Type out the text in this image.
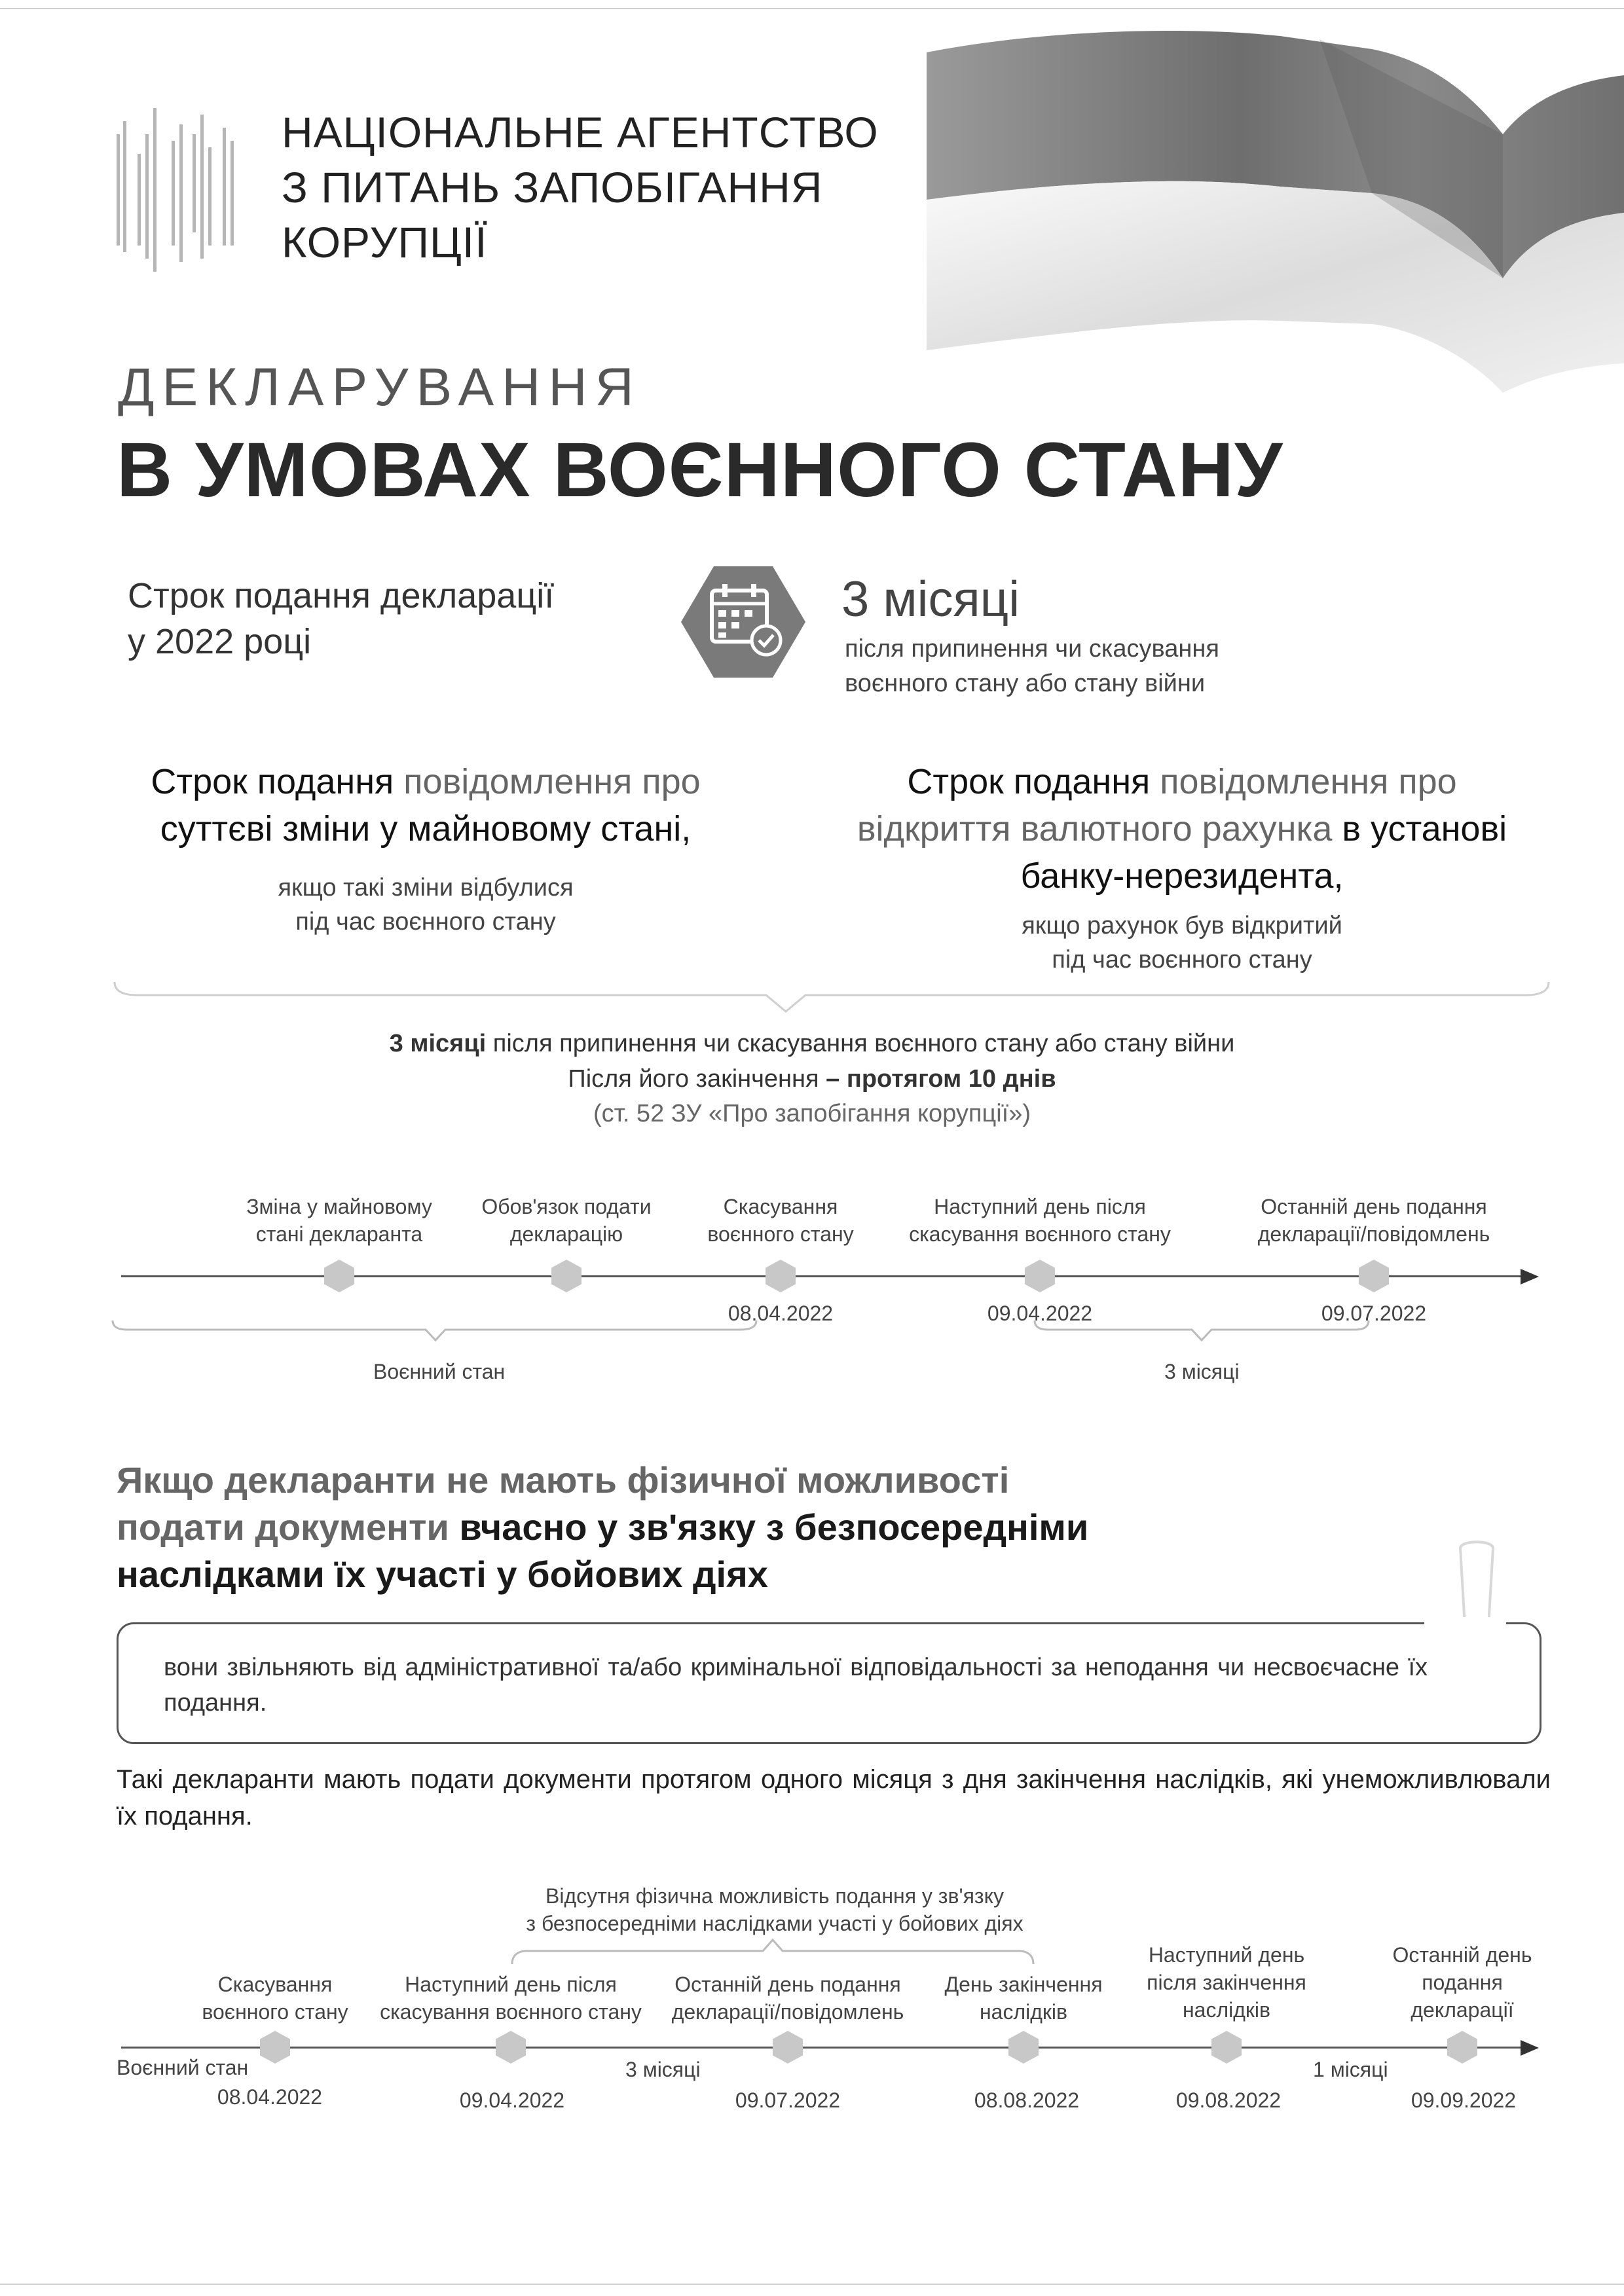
НАЦІОНАЛЬНЕ АГЕНТСТВО
З ПИТАНЬ ЗАПОБІГАННЯ
КОРУПЦІЇ
ДЕКЛАРУВАННЯ
В УМОВАХ ВОЄННОГО СТАНУ
Строк подання декларації
у 2022 році
3 місяці
після припинення чи скасування
воєнного стану або стану війни
Строк подання повідомлення про
суттєві зміни у майновому стані,
якщо такі зміни відбулися
під час воєнного стану
Строк подання повідомлення про
відкриття валютного рахунка в установі
банку-нерезидента,
якщо рахунок був відкритий
під час воєнного стану
3 місяці після припинення чи скасування воєнного стану або стану війни
Після його закінчення – протягом 10 днів
(ст. 52 ЗУ «Про запобігання корупції»)
Зміна у майновому
стані декларанта
Обов'язок подати
декларацію
Скасування
воєнного стану
Наступний день після
скасування воєнного стану
Останній день подання
декларації/повідомлень
08.04.2022	09.04.2022	09.07.2022
Воєнний стан	3 місяці
Якщо декларанти не мають фізичної можливості
подати документи вчасно у зв'язку з безпосередніми
наслідками їх участі у бойових діях
вони звільняють від адміністративної та/або кримінальної відповідальності за неподання чи несвоєчасне їх подання.
Такі декларанти мають подати документи протягом одного місяця з дня закінчення наслідків, які унеможливлювали їх подання.
Відсутня фізична можливість подання у зв'язку
з безпосередніми наслідками участі у бойових діях
Скасування
воєнного стану
Наступний день після
скасування воєнного стану
Останній день подання
декларації/повідомлень
День закінчення
наслідків
Наступний день
після закінчення
наслідків
Останній день
подання
декларації
Воєнний стан	3 місяці	1 місяці
08.04.2022	09.04.2022	09.07.2022	08.08.2022	09.08.2022	09.09.2022
